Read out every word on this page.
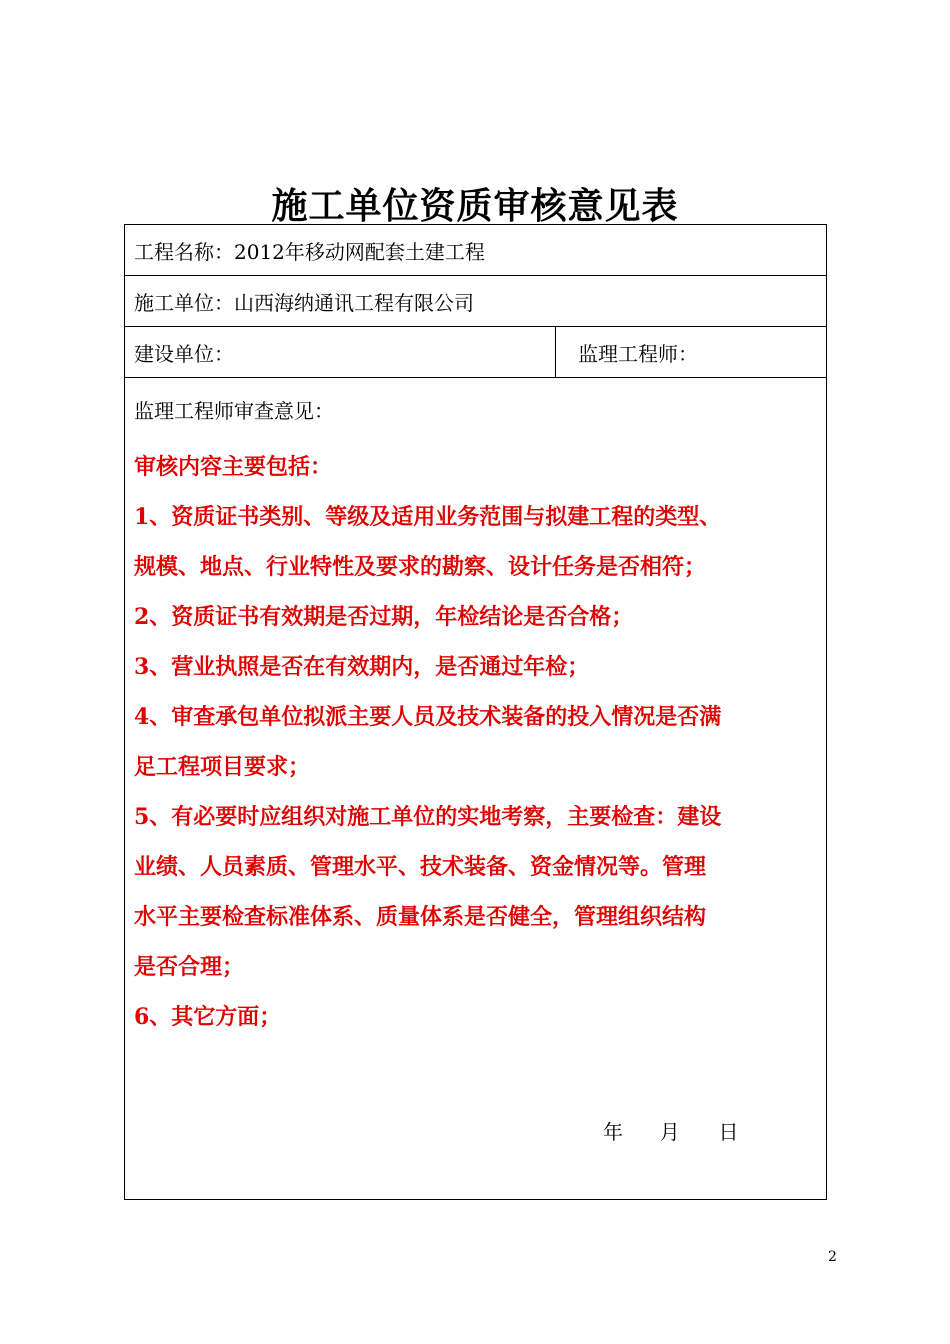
施工单位资质审核意见表
工程名称：2012年移动网配套土建工程
施工单位：山西海纳通讯工程有限公司
建设单位：	监理工程师：
监理工程师审查意见：
审核内容主要包括：
1、资质证书类别、等级及适用业务范围与拟建工程的类型、
规模、地点、行业特性及要求的勘察、设计任务是否相符；
2、资质证书有效期是否过期，年检结论是否合格；
3、营业执照是否在有效期内，是否通过年检；
4、审查承包单位拟派主要人员及技术装备的投入情况是否满
足工程项目要求；
5、有必要时应组织对施工单位的实地考察，主要检查：建设
业绩、人员素质、管理水平、技术装备、资金情况等。管理
水平主要检查标准体系、质量体系是否健全，管理组织结构
是否合理；
6、其它方面；
年 月 日
2
